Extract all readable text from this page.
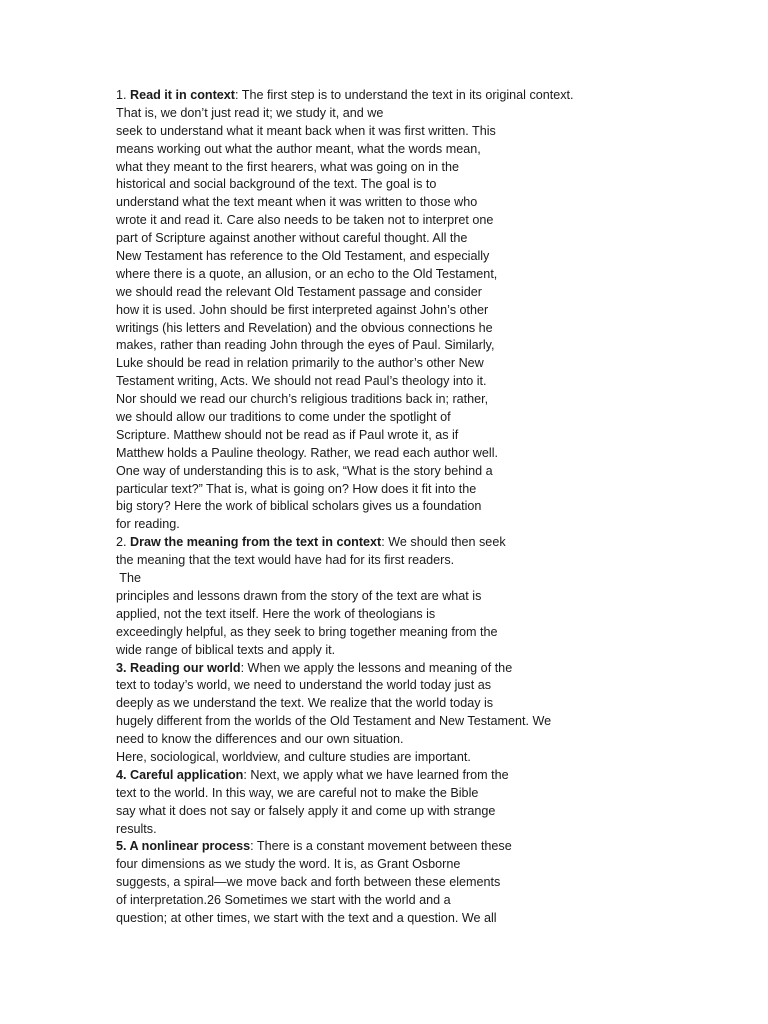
1. Read it in context: The first step is to understand the text in its original context.
That is, we don’t just read it; we study it, and we
seek to understand what it meant back when it was first written. This
means working out what the author meant, what the words mean,
what they meant to the first hearers, what was going on in the
historical and social background of the text. The goal is to
understand what the text meant when it was written to those who
wrote it and read it. Care also needs to be taken not to interpret one
part of Scripture against another without careful thought. All the
New Testament has reference to the Old Testament, and especially
where there is a quote, an allusion, or an echo to the Old Testament,
we should read the relevant Old Testament passage and consider
how it is used. John should be first interpreted against John’s other
writings (his letters and Revelation) and the obvious connections he
makes, rather than reading John through the eyes of Paul. Similarly,
Luke should be read in relation primarily to the author’s other New
Testament writing, Acts. We should not read Paul’s theology into it.
Nor should we read our church’s religious traditions back in; rather,
we should allow our traditions to come under the spotlight of
Scripture. Matthew should not be read as if Paul wrote it, as if
Matthew holds a Pauline theology. Rather, we read each author well.
One way of understanding this is to ask, “What is the story behind a
particular text?” That is, what is going on? How does it fit into the
big story? Here the work of biblical scholars gives us a foundation
for reading.
2. Draw the meaning from the text in context: We should then seek
the meaning that the text would have had for its first readers.
The
principles and lessons drawn from the story of the text are what is
applied, not the text itself. Here the work of theologians is
exceedingly helpful, as they seek to bring together meaning from the
wide range of biblical texts and apply it.
3. Reading our world: When we apply the lessons and meaning of the
text to today’s world, we need to understand the world today just as
deeply as we understand the text. We realize that the world today is
hugely different from the worlds of the Old Testament and New Testament. We
need to know the differences and our own situation.
Here, sociological, worldview, and culture studies are important.
4. Careful application: Next, we apply what we have learned from the
text to the world. In this way, we are careful not to make the Bible
say what it does not say or falsely apply it and come up with strange
results.
5. A nonlinear process: There is a constant movement between these
four dimensions as we study the word. It is, as Grant Osborne
suggests, a spiral—we move back and forth between these elements
of interpretation.26 Sometimes we start with the world and a
question; at other times, we start with the text and a question. We all
